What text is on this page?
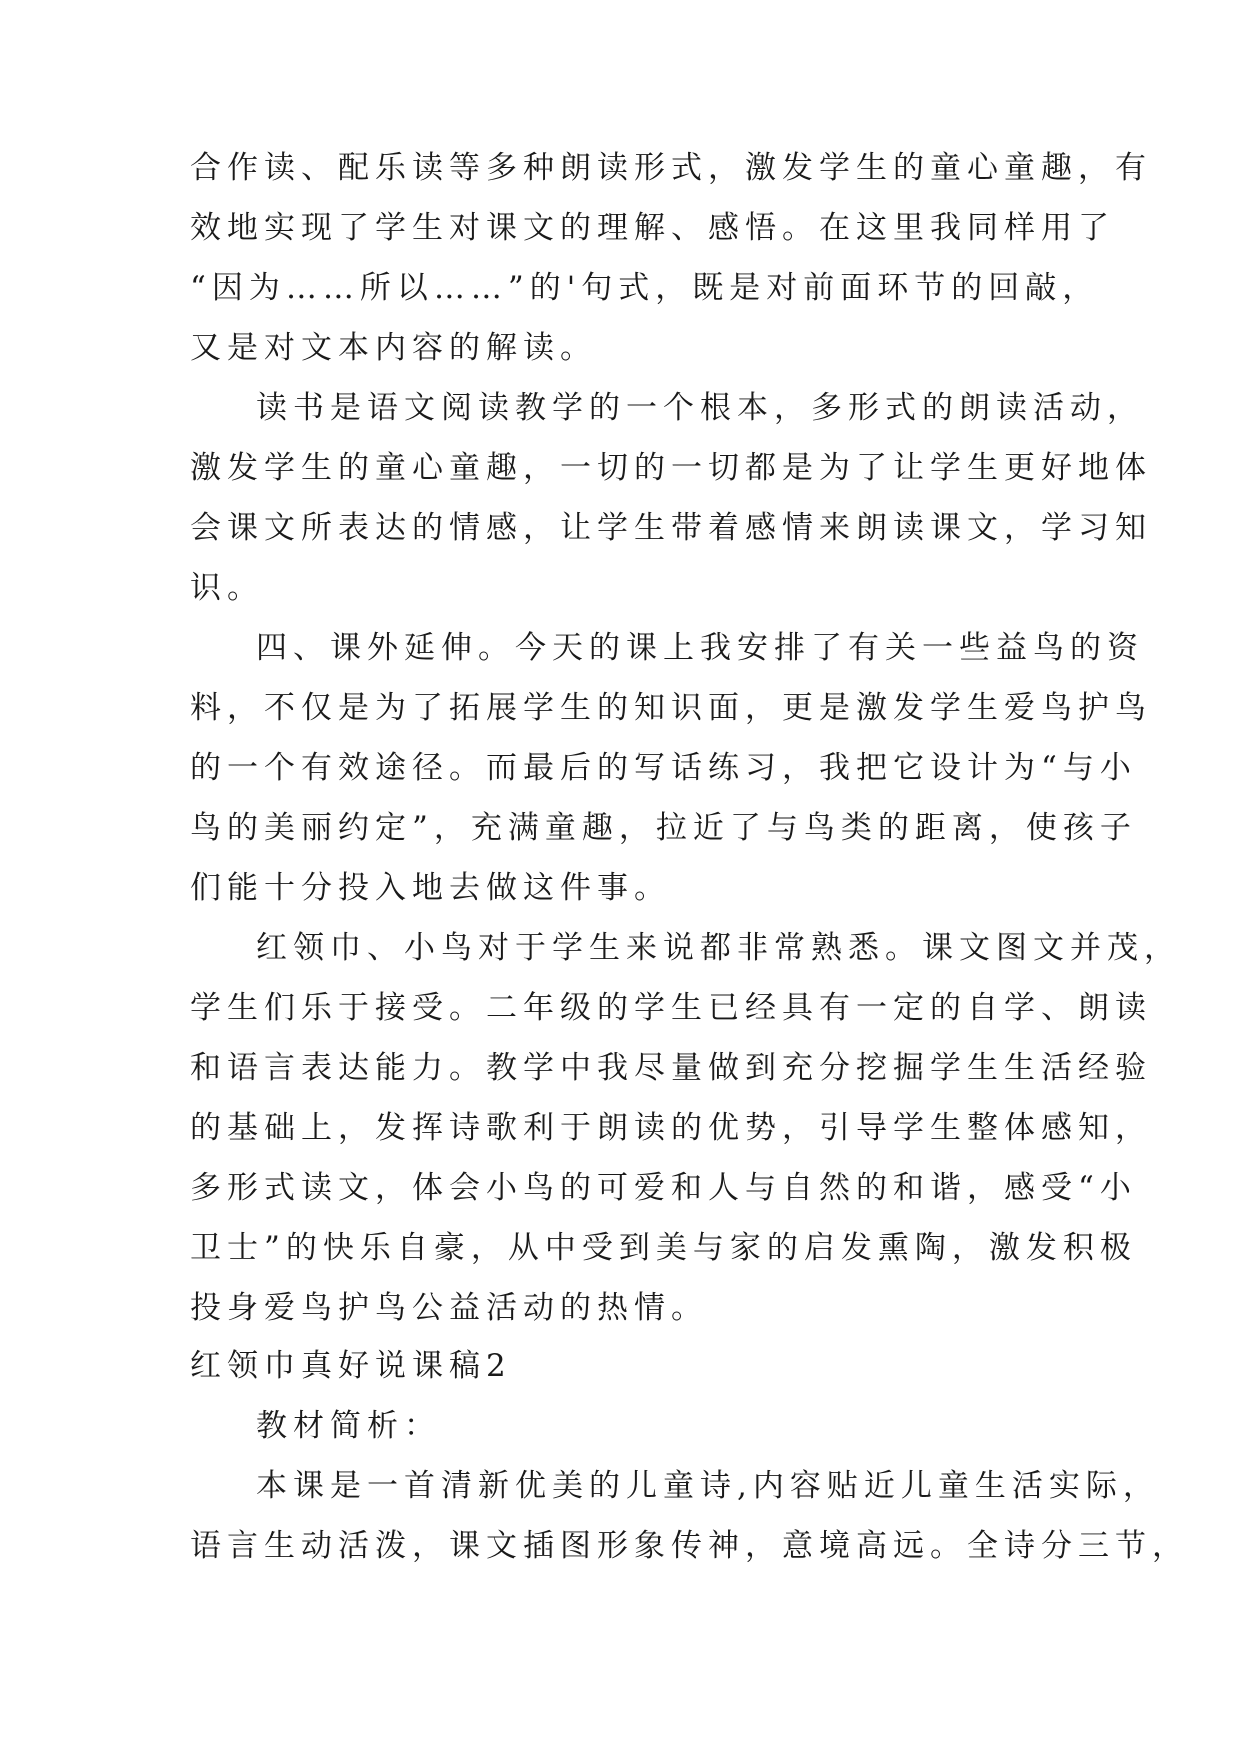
合作读、配乐读等多种朗读形式，激发学生的童心童趣，有
效地实现了学生对课文的理解、感悟。在这里我同样用了
“因为……所以……”的'句式，既是对前面环节的回敲，
又是对文本内容的解读。
读书是语文阅读教学的一个根本，多形式的朗读活动，
激发学生的童心童趣，一切的一切都是为了让学生更好地体
会课文所表达的情感，让学生带着感情来朗读课文，学习知
识。
四、课外延伸。今天的课上我安排了有关一些益鸟的资
料，不仅是为了拓展学生的知识面，更是激发学生爱鸟护鸟
的一个有效途径。而最后的写话练习，我把它设计为“与小
鸟的美丽约定”，充满童趣，拉近了与鸟类的距离，使孩子
们能十分投入地去做这件事。
红领巾、小鸟对于学生来说都非常熟悉。课文图文并茂，
学生们乐于接受。二年级的学生已经具有一定的自学、朗读
和语言表达能力。教学中我尽量做到充分挖掘学生生活经验
的基础上，发挥诗歌利于朗读的优势，引导学生整体感知，
多形式读文，体会小鸟的可爱和人与自然的和谐，感受“小
卫士”的快乐自豪，从中受到美与家的启发熏陶，激发积极
投身爱鸟护鸟公益活动的热情。
红领巾真好说课稿2
教材简析：
本课是一首清新优美的儿童诗,内容贴近儿童生活实际，
语言生动活泼，课文插图形象传神，意境高远。全诗分三节，
